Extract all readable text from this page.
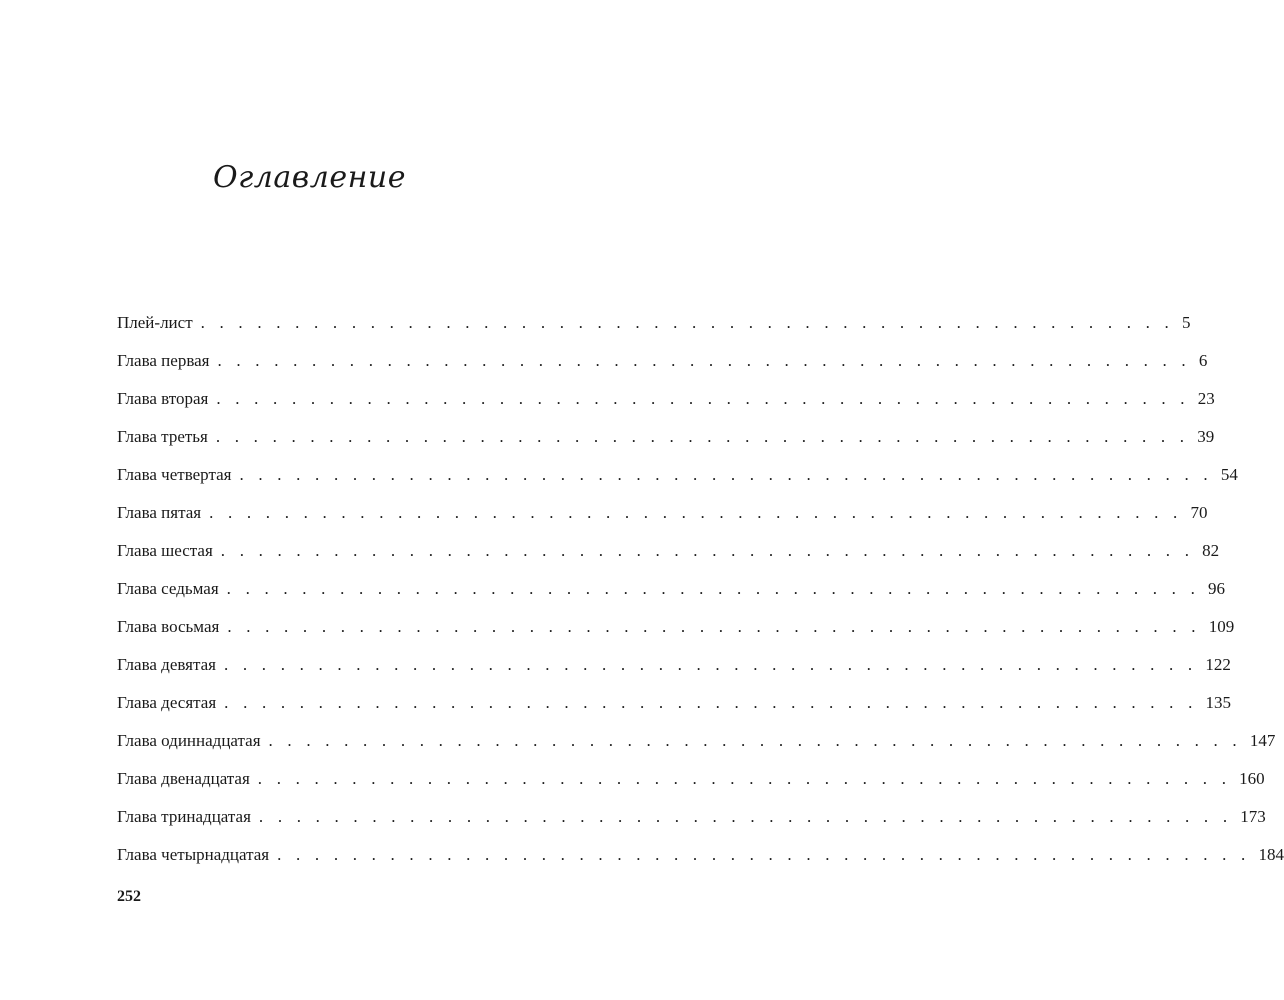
Оглавление
Плей-лист . . . . . . . . . . . . . . . . . . . . . . . . . . . . . . . . . . . . . . . . . . . . . . . . . . . . 5
Глава первая . . . . . . . . . . . . . . . . . . . . . . . . . . . . . . . . . . . . . . . . . . . . . . . . . . . . 6
Глава вторая . . . . . . . . . . . . . . . . . . . . . . . . . . . . . . . . . . . . . . . . . . . . . . . . . . . . 23
Глава третья . . . . . . . . . . . . . . . . . . . . . . . . . . . . . . . . . . . . . . . . . . . . . . . . . . . . 39
Глава четвертая . . . . . . . . . . . . . . . . . . . . . . . . . . . . . . . . . . . . . . . . . . . . . . . . . . . . 54
Глава пятая . . . . . . . . . . . . . . . . . . . . . . . . . . . . . . . . . . . . . . . . . . . . . . . . . . . . 70
Глава шестая . . . . . . . . . . . . . . . . . . . . . . . . . . . . . . . . . . . . . . . . . . . . . . . . . . . . 82
Глава седьмая . . . . . . . . . . . . . . . . . . . . . . . . . . . . . . . . . . . . . . . . . . . . . . . . . . . . 96
Глава восьмая . . . . . . . . . . . . . . . . . . . . . . . . . . . . . . . . . . . . . . . . . . . . . . . . . . . . 109
Глава девятая . . . . . . . . . . . . . . . . . . . . . . . . . . . . . . . . . . . . . . . . . . . . . . . . . . . . 122
Глава десятая . . . . . . . . . . . . . . . . . . . . . . . . . . . . . . . . . . . . . . . . . . . . . . . . . . . . 135
Глава одиннадцатая . . . . . . . . . . . . . . . . . . . . . . . . . . . . . . . . . . . . . . . . . . . . . . . . . . . . 147
Глава двенадцатая . . . . . . . . . . . . . . . . . . . . . . . . . . . . . . . . . . . . . . . . . . . . . . . . . . . . 160
Глава тринадцатая . . . . . . . . . . . . . . . . . . . . . . . . . . . . . . . . . . . . . . . . . . . . . . . . . . . . 173
Глава четырнадцатая . . . . . . . . . . . . . . . . . . . . . . . . . . . . . . . . . . . . . . . . . . . . . . . . . . . . 184
252
